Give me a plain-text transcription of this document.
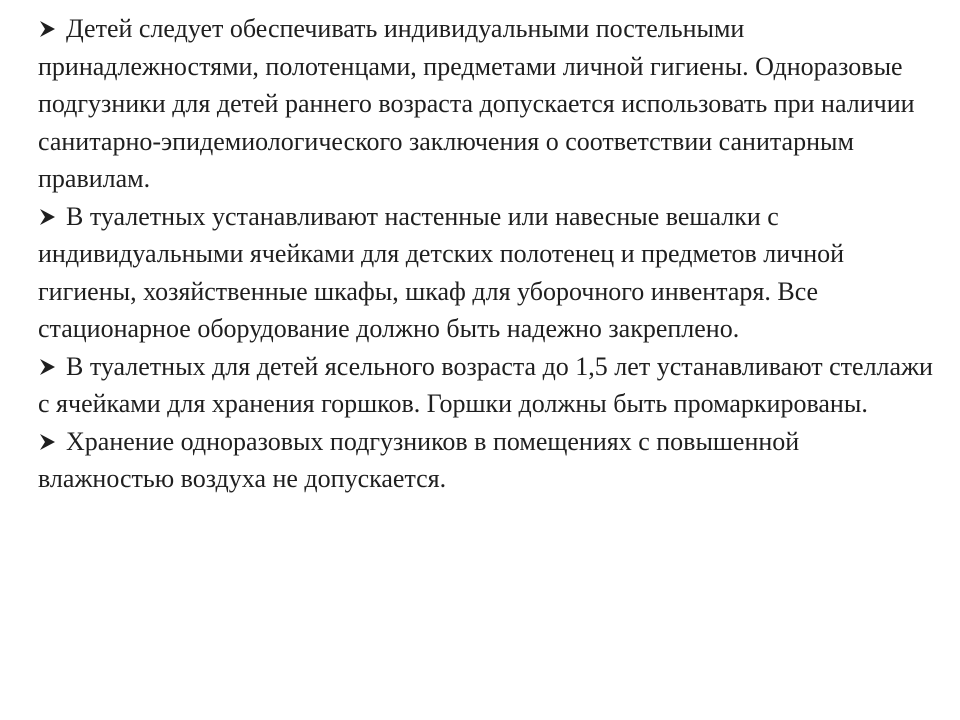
Детей следует обеспечивать индивидуальными постельными принадлежностями, полотенцами, предметами личной гигиены. Одноразовые подгузники для детей раннего возраста допускается использовать при наличии санитарно-эпидемиологического заключения о соответствии санитарным правилам.

В туалетных устанавливают настенные или навесные вешалки с индивидуальными ячейками для детских полотенец и предметов личной гигиены, хозяйственные шкафы, шкаф для уборочного инвентаря. Все стационарное оборудование должно быть надежно закреплено.

В туалетных для детей ясельного возраста до 1,5 лет устанавливают стеллажи с ячейками для хранения горшков. Горшки должны быть промаркированы.

Хранение одноразовых подгузников в помещениях с повышенной влажностью воздуха не допускается.
